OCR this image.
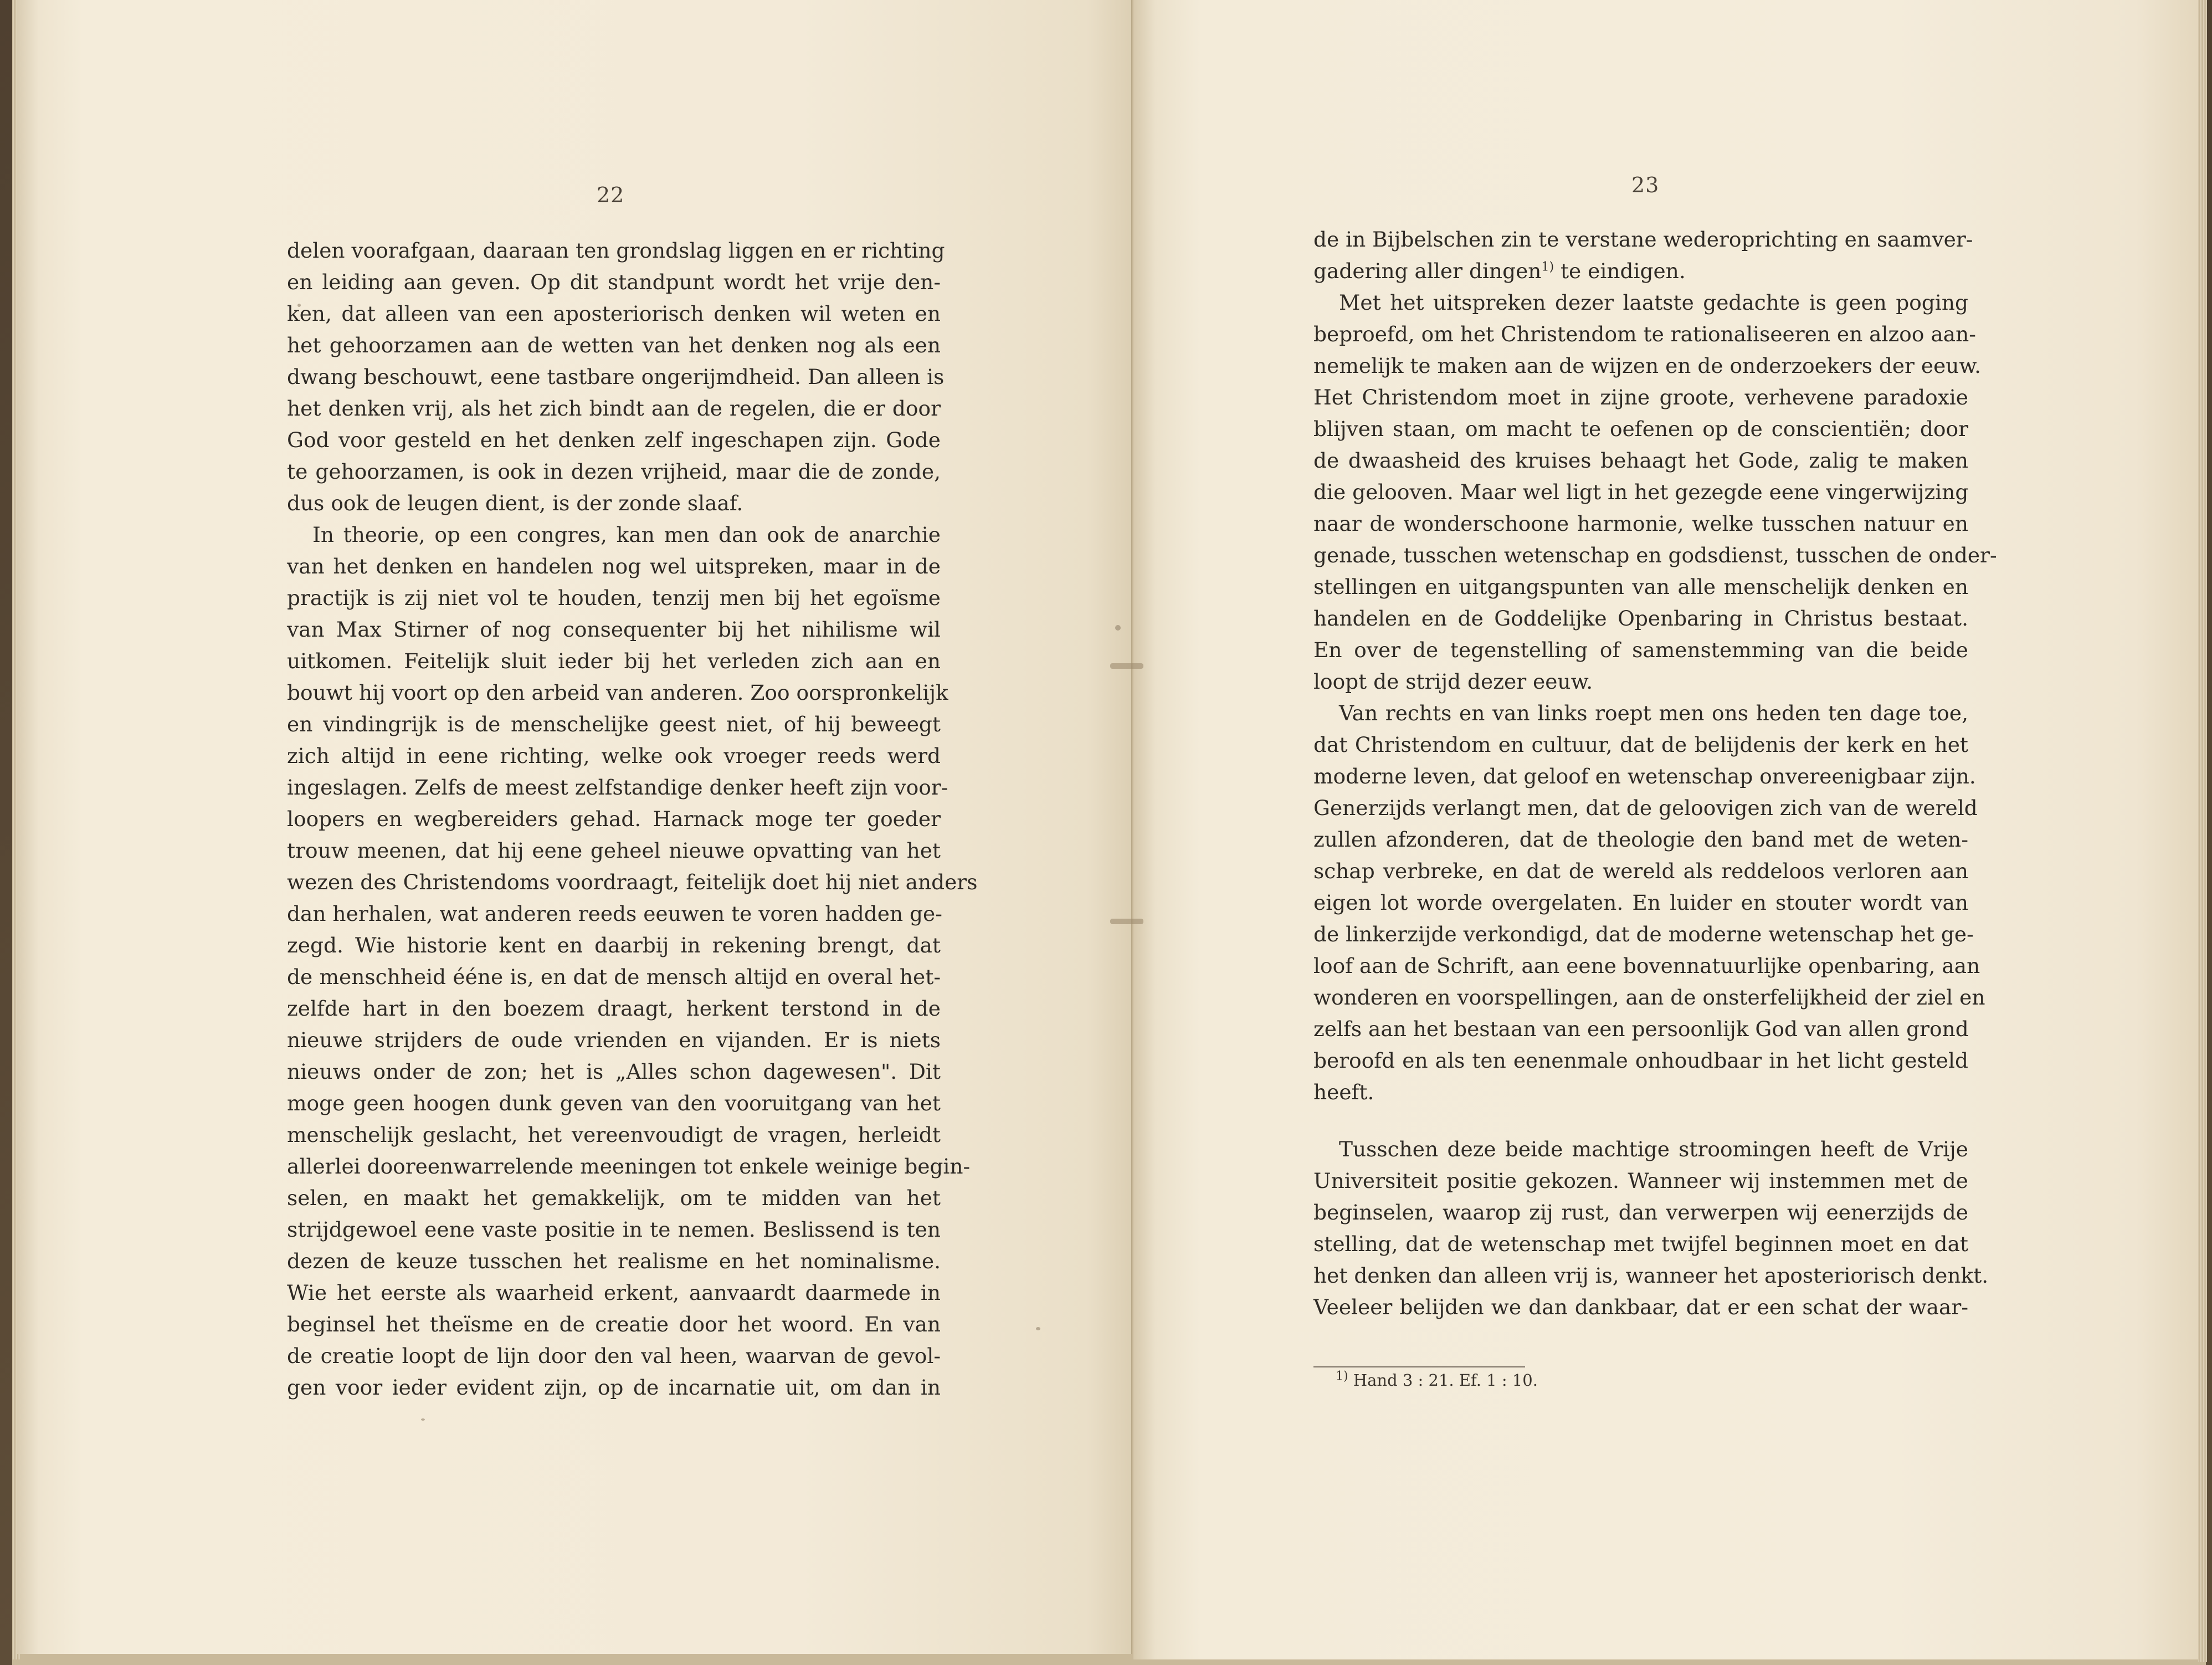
22	23
delen voorafgaan, daaraan ten grondslag liggen en er richting
en leiding aan geven. Op dit standpunt wordt het vrije den-
ken, dat alleen van een aposteriorisch denken wil weten en
het gehoorzamen aan de wetten van het denken nog als een
dwang beschouwt, eene tastbare ongerijmdheid. Dan alleen is
het denken vrij, als het zich bindt aan de regelen, die er door
God voor gesteld en het denken zelf ingeschapen zijn. Gode
te gehoorzamen, is ook in dezen vrijheid, maar die de zonde,
dus ook de leugen dient, is der zonde slaaf.
In theorie, op een congres, kan men dan ook de anarchie
van het denken en handelen nog wel uitspreken, maar in de
practijk is zij niet vol te houden, tenzij men bij het egoïsme
van Max Stirner of nog consequenter bij het nihilisme wil
uitkomen. Feitelijk sluit ieder bij het verleden zich aan en
bouwt hij voort op den arbeid van anderen. Zoo oorspronkelijk
en vindingrijk is de menschelijke geest niet, of hij beweegt
zich altijd in eene richting, welke ook vroeger reeds werd
ingeslagen. Zelfs de meest zelfstandige denker heeft zijn voor-
loopers en wegbereiders gehad. Harnack moge ter goeder
trouw meenen, dat hij eene geheel nieuwe opvatting van het
wezen des Christendoms voordraagt, feitelijk doet hij niet anders
dan herhalen, wat anderen reeds eeuwen te voren hadden ge-
zegd. Wie historie kent en daarbij in rekening brengt, dat
de menschheid ééne is, en dat de mensch altijd en overal het-
zelfde hart in den boezem draagt, herkent terstond in de
nieuwe strijders de oude vrienden en vijanden. Er is niets
nieuws onder de zon; het is „Alles schon dagewesen". Dit
moge geen hoogen dunk geven van den vooruitgang van het
menschelijk geslacht, het vereenvoudigt de vragen, herleidt
allerlei dooreenwarrelende meeningen tot enkele weinige begin-
selen, en maakt het gemakkelijk, om te midden van het
strijdgewoel eene vaste positie in te nemen. Beslissend is ten
dezen de keuze tusschen het realisme en het nominalisme.
Wie het eerste als waarheid erkent, aanvaardt daarmede in
beginsel het theïsme en de creatie door het woord. En van
de creatie loopt de lijn door den val heen, waarvan de gevol-
gen voor ieder evident zijn, op de incarnatie uit, om dan in
de in Bijbelschen zin te verstane wederoprichting en saamver-
gadering aller dingen$^{1)}$ te eindigen.
Met het uitspreken dezer laatste gedachte is geen poging
beproefd, om het Christendom te rationaliseeren en alzoo aan-
nemelijk te maken aan de wijzen en de onderzoekers der eeuw.
Het Christendom moet in zijne groote, verhevene paradoxie
blijven staan, om macht te oefenen op de conscientiën; door
de dwaasheid des kruises behaagt het Gode, zalig te maken
die gelooven. Maar wel ligt in het gezegde eene vingerwijzing
naar de wonderschoone harmonie, welke tusschen natuur en
genade, tusschen wetenschap en godsdienst, tusschen de onder-
stellingen en uitgangspunten van alle menschelijk denken en
handelen en de Goddelijke Openbaring in Christus bestaat.
En over de tegenstelling of samenstemming van die beide
loopt de strijd dezer eeuw.
Van rechts en van links roept men ons heden ten dage toe,
dat Christendom en cultuur, dat de belijdenis der kerk en het
moderne leven, dat geloof en wetenschap onvereenigbaar zijn.
Generzijds verlangt men, dat de geloovigen zich van de wereld
zullen afzonderen, dat de theologie den band met de weten-
schap verbreke, en dat de wereld als reddeloos verloren aan
eigen lot worde overgelaten. En luider en stouter wordt van
de linkerzijde verkondigd, dat de moderne wetenschap het ge-
loof aan de Schrift, aan eene bovennatuurlijke openbaring, aan
wonderen en voorspellingen, aan de onsterfelijkheid der ziel en
zelfs aan het bestaan van een persoonlijk God van allen grond
beroofd en als ten eenenmale onhoudbaar in het licht gesteld
heeft.
Tusschen deze beide machtige stroomingen heeft de Vrije
Universiteit positie gekozen. Wanneer wij instemmen met de
beginselen, waarop zij rust, dan verwerpen wij eenerzijds de
stelling, dat de wetenschap met twijfel beginnen moet en dat
het denken dan alleen vrij is, wanneer het aposteriorisch denkt.
Veeleer belijden we dan dankbaar, dat er een schat der waar-
$^{1)}$ Hand 3 : 21. Ef. 1 : 10.
